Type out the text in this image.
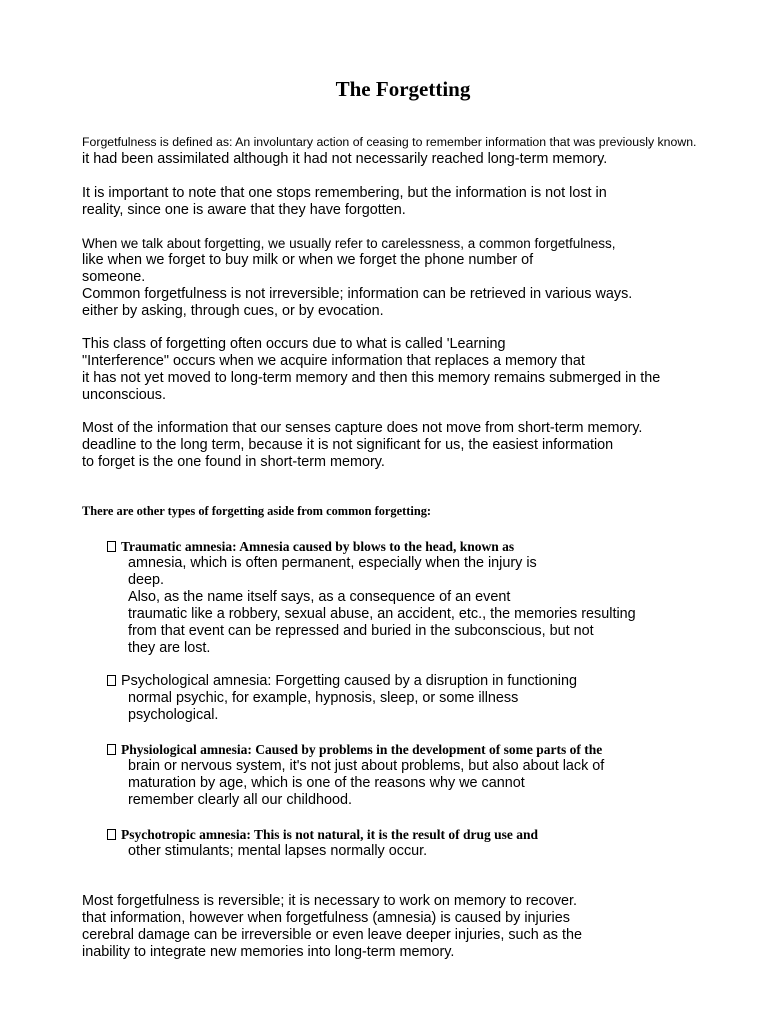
The Forgetting
Forgetfulness is defined as: An involuntary action of ceasing to remember information that was previously known.
it had been assimilated although it had not necessarily reached long-term memory.
It is important to note that one stops remembering, but the information is not lost in
reality, since one is aware that they have forgotten.
When we talk about forgetting, we usually refer to carelessness, a common forgetfulness,
like when we forget to buy milk or when we forget the phone number of
someone.
Common forgetfulness is not irreversible; information can be retrieved in various ways.
either by asking, through cues, or by evocation.
This class of forgetting often occurs due to what is called 'Learning
"Interference" occurs when we acquire information that replaces a memory that
it has not yet moved to long-term memory and then this memory remains submerged in the
unconscious.
Most of the information that our senses capture does not move from short-term memory.
deadline to the long term, because it is not significant for us, the easiest information
to forget is the one found in short-term memory.
There are other types of forgetting aside from common forgetting:
Traumatic amnesia: Amnesia caused by blows to the head, known as
amnesia, which is often permanent, especially when the injury is
deep.
Also, as the name itself says, as a consequence of an event
traumatic like a robbery, sexual abuse, an accident, etc., the memories resulting
from that event can be repressed and buried in the subconscious, but not
they are lost.
Psychological amnesia: Forgetting caused by a disruption in functioning
normal psychic, for example, hypnosis, sleep, or some illness
psychological.
Physiological amnesia: Caused by problems in the development of some parts of the
brain or nervous system, it's not just about problems, but also about lack of
maturation by age, which is one of the reasons why we cannot
remember clearly all our childhood.
Psychotropic amnesia: This is not natural, it is the result of drug use and
other stimulants; mental lapses normally occur.
Most forgetfulness is reversible; it is necessary to work on memory to recover.
that information, however when forgetfulness (amnesia) is caused by injuries
cerebral damage can be irreversible or even leave deeper injuries, such as the
inability to integrate new memories into long-term memory.
